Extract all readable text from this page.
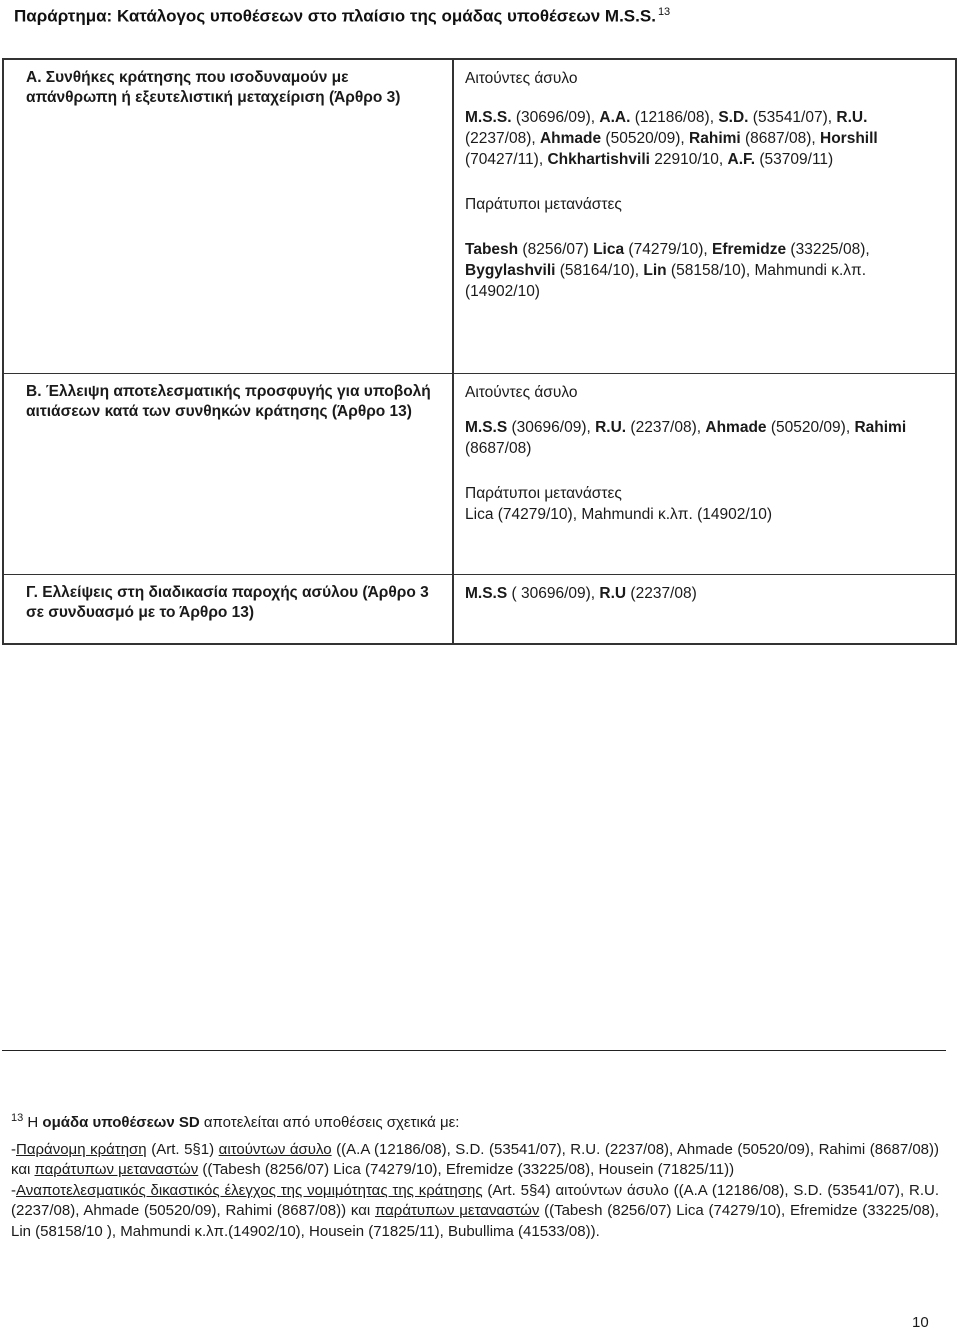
Παράρτημα: Κατάλογος υποθέσεων στο πλαίσιο της ομάδας υποθέσεων M.S.S. $^{13}$
Α. Συνθήκες κράτησης που ισοδυναμούν με απάνθρωπη ή εξευτελιστική μεταχείριση (Άρθρο 3)

Αιτούντες άσυλο

M.S.S. (30696/09), A.A. (12186/08), S.D. (53541/07), R.U. (2237/08), Ahmade (50520/09), Rahimi (8687/08), Horshill (70427/11), Chkhartishvili 22910/10, A.F. (53709/11)

Παράτυποι μετανάστες

Tabesh (8256/07) Lica (74279/10), Efremidze (33225/08), Bygylashvili (58164/10), Lin (58158/10), Mahmundi κ.λπ. (14902/10)

Β. Έλλειψη αποτελεσματικής προσφυγής για υποβολή αιτιάσεων κατά των συνθηκών κράτησης (Άρθρο 13)

Αιτούντες άσυλο

M.S.S (30696/09), R.U. (2237/08), Ahmade (50520/09), Rahimi (8687/08)

Παράτυποι μετανάστες

Lica (74279/10), Mahmundi κ.λπ. (14902/10)

Γ. Ελλείψεις στη διαδικασία παροχής ασύλου (Άρθρο 3 σε συνδυασμό με το Άρθρο 13)

M.S.S ( 30696/09), R.U (2237/08)

$^{13}$ Η ομάδα υποθέσεων SD αποτελείται από υποθέσεις σχετικά με:

-Παράνομη κράτηση (Art. 5§1) αιτούντων άσυλο ((A.A (12186/08), S.D. (53541/07), R.U. (2237/08), Ahmade (50520/09), Rahimi (8687/08)) και παράτυπων μεταναστών ((Tabesh (8256/07) Lica (74279/10), Efremidze (33225/08), Housein (71825/11))

-Αναποτελεσματικός δικαστικός έλεγχος της νομιμότητας της κράτησης (Art. 5§4) αιτούντων άσυλο ((A.A (12186/08), S.D. (53541/07), R.U. (2237/08), Ahmade (50520/09), Rahimi (8687/08)) και παράτυπων μεταναστών ((Tabesh (8256/07) Lica (74279/10), Efremidze (33225/08), Lin (58158/10 ), Mahmundi κ.λπ.(14902/10), Housein (71825/11), Bubullima (41533/08)).

10
